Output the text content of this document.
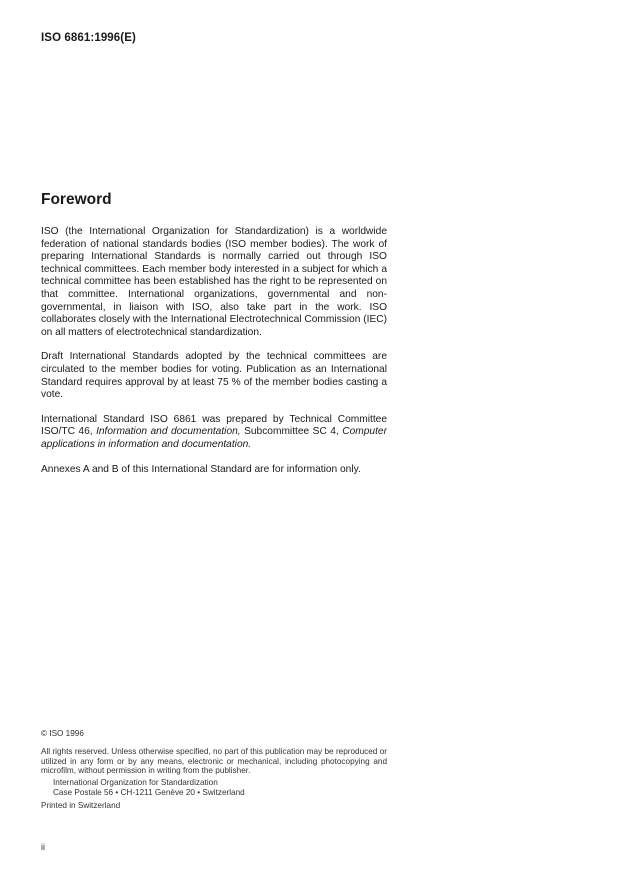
ISO 6861:1996(E)
Foreword

ISO (the International Organization for Standardization) is a worldwide federation of national standards bodies (ISO member bodies). The work of preparing International Standards is normally carried out through ISO technical committees. Each member body interested in a subject for which a technical committee has been established has the right to be represented on that committee. International organizations, governmental and non-governmental, in liaison with ISO, also take part in the work. ISO collaborates closely with the International Electrotechnical Commission (IEC) on all matters of electrotechnical standardization.

Draft International Standards adopted by the technical committees are circulated to the member bodies for voting. Publication as an International Standard requires approval by at least 75 % of the member bodies casting a vote.

International Standard ISO 6861 was prepared by Technical Committee ISO/TC 46, Information and documentation, Subcommittee SC 4, Computer applications in information and documentation.

Annexes A and B of this International Standard are for information only.

© ISO 1996
All rights reserved. Unless otherwise specified, no part of this publication may be reproduced or utilized in any form or by any means, electronic or mechanical, including photocopying and microfilm, without permission in writing from the publisher.
International Organization for Standardization
Case Postale 56 • CH-1211 Genève 20 • Switzerland
Printed in Switzerland
ii
